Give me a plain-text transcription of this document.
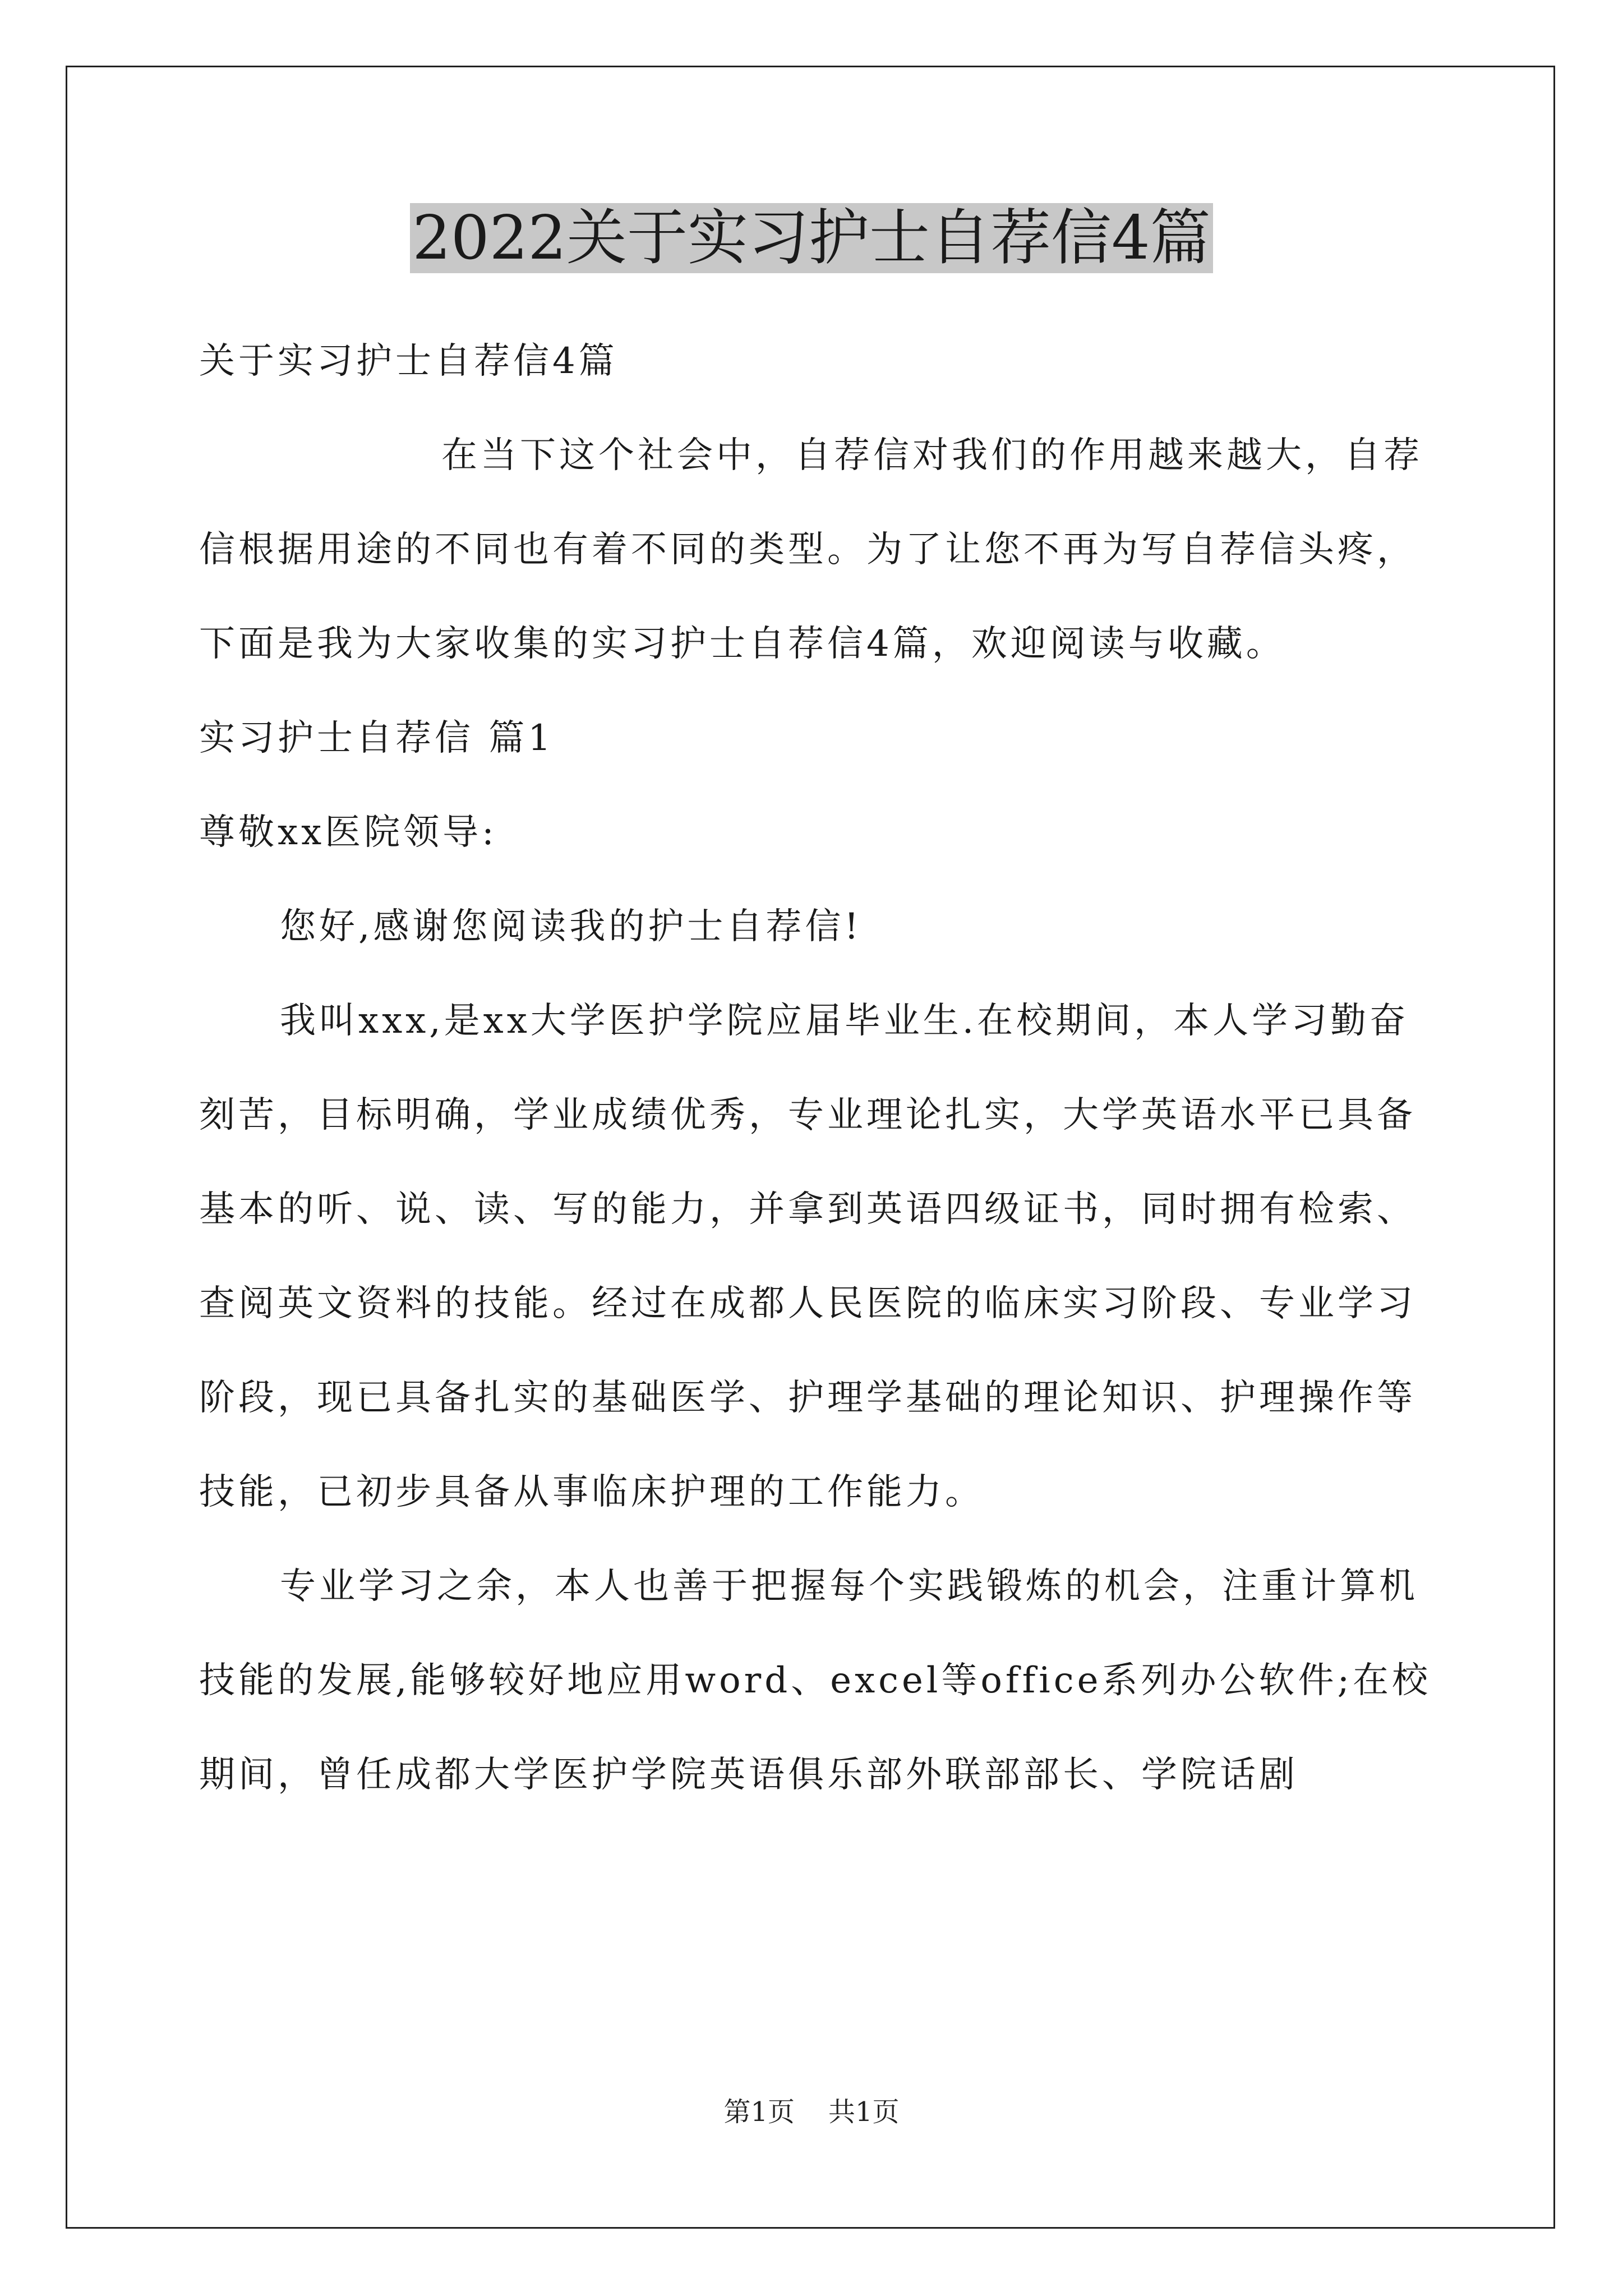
2022关于实习护士自荐信4篇

关于实习护士自荐信4篇

在当下这个社会中，自荐信对我们的作用越来越大，自荐信根据用途的不同也有着不同的类型。为了让您不再为写自荐信头疼，下面是我为大家收集的实习护士自荐信4篇，欢迎阅读与收藏。

实习护士自荐信 篇1

尊敬xx医院领导:

您好,感谢您阅读我的护士自荐信!

我叫xxx,是xx大学医护学院应届毕业生.在校期间，本人学习勤奋刻苦，目标明确，学业成绩优秀，专业理论扎实，大学英语水平已具备基本的听、说、读、写的能力，并拿到英语四级证书，同时拥有检索、查阅英文资料的技能。经过在成都人民医院的临床实习阶段、专业学习阶段，现已具备扎实的基础医学、护理学基础的理论知识、护理操作等技能，已初步具备从事临床护理的工作能力。

专业学习之余，本人也善于把握每个实践锻炼的机会，注重计算机技能的发展,能够较好地应用word、excel等office系列办公软件;在校期间，曾任成都大学医护学院英语俱乐部外联部部长、学院话剧

第1页 共1页
